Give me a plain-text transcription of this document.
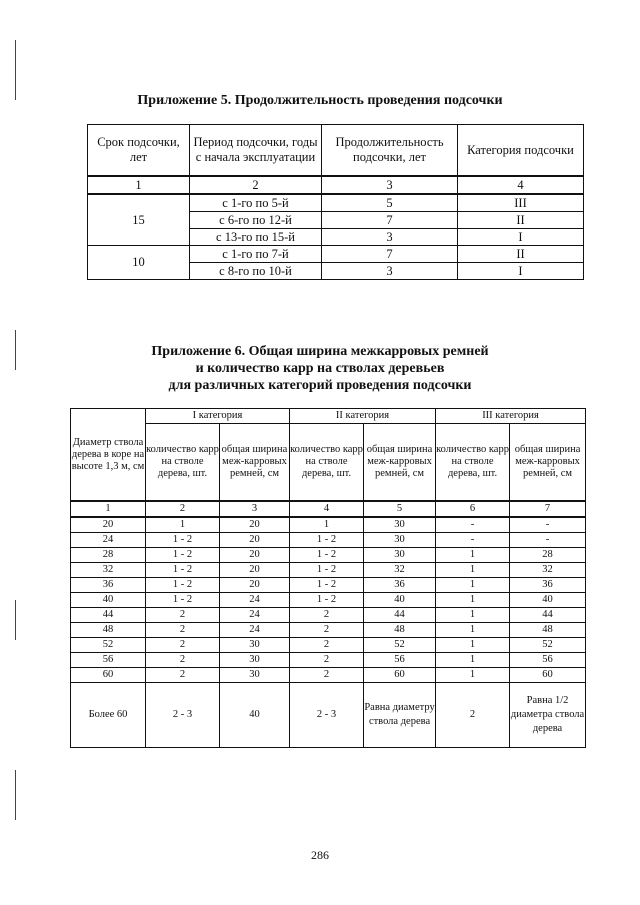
Приложение 5. Продолжительность проведения подсочки
Срок подсочки, лет	Период подсочки, годы с начала эксплуатации	Продолжительность подсочки, лет	Категория подсочки
1	2	3	4
15	с 1-го по 5-й	5	III
	с 6-го по 12-й	7	II
	с 13-го по 15-й	3	I
10	с 1-го по 7-й	7	II
	с 8-го по 10-й	3	I
Приложение 6. Общая ширина межкарровых ремней
и количество карр на стволах деревьев
для различных категорий проведения подсочки
Диаметр ствола дерева в коре на высоте 1,3 м, см	I категория		II категория		III категория	
	количество карр на стволе дерева, шт.	общая ширина меж-карровых ремней, см	количество карр на стволе дерева, шт.	общая ширина меж-карровых ремней, см	количество карр на стволе дерева, шт.	общая ширина меж-карровых ремней, см
1	2	3	4	5	6	7
20	1	20	1	30	-	-
24	1 - 2	20	1 - 2	30	-	-
28	1 - 2	20	1 - 2	30	1	28
32	1 - 2	20	1 - 2	32	1	32
36	1 - 2	20	1 - 2	36	1	36
40	1 - 2	24	1 - 2	40	1	40
44	2	24	2	44	1	44
48	2	24	2	48	1	48
52	2	30	2	52	1	52
56	2	30	2	56	1	56
60	2	30	2	60	1	60
Более 60	2 - 3	40	2 - 3	Равна диаметру ствола дерева	2	Равна 1/2 диаметра ствола дерева
286
